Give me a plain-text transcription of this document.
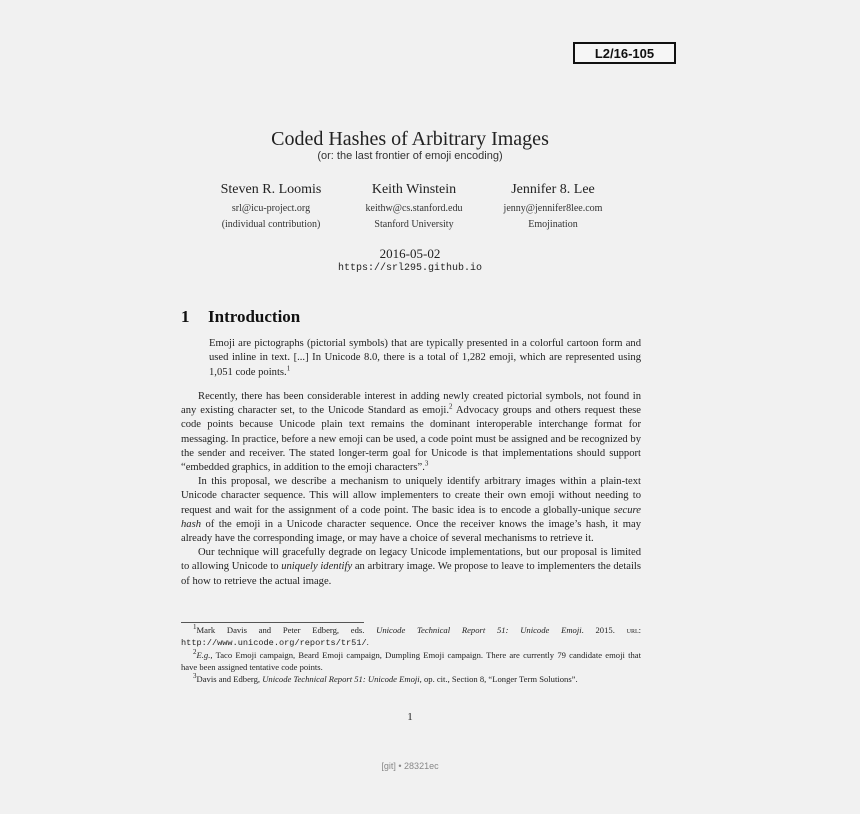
L2/16-105
Coded Hashes of Arbitrary Images
(or: the last frontier of emoji encoding)
Steven R. Loomis
srl@icu-project.org
(individual contribution)
Keith Winstein
keithw@cs.stanford.edu
Stanford University
Jennifer 8. Lee
jenny@jennifer8lee.com
Emojination
2016-05-02
https://srl295.github.io
1 Introduction
Emoji are pictographs (pictorial symbols) that are typically presented in a colorful cartoon form and used inline in text. [...] In Unicode 8.0, there is a total of 1,282 emoji, which are represented using 1,051 code points.$^1$

Recently, there has been considerable interest in adding newly created pictorial symbols, not found in any existing character set, to the Unicode Standard as emoji.$^2$ Advocacy groups and others request these code points because Unicode plain text remains the dominant interoperable interchange format for messaging. In practice, before a new emoji can be used, a code point must be assigned and be recognized by the sender and receiver. The stated longer-term goal for Unicode is that implementations should support “embedded graphics, in addition to the emoji characters”.$^3$

In this proposal, we describe a mechanism to uniquely identify arbitrary images within a plain-text Unicode character sequence. This will allow implementers to create their own emoji without needing to request and wait for the assignment of a code point. The basic idea is to encode a globally-unique secure hash of the emoji in a Unicode character sequence. Once the receiver knows the image’s hash, it may already have the corresponding image, or may have a choice of several mechanisms to retrieve it.

Our technique will gracefully degrade on legacy Unicode implementations, but our proposal is limited to allowing Unicode to uniquely identify an arbitrary image. We propose to leave to implementers the details of how to retrieve the actual image.

$^1$Mark Davis and Peter Edberg, eds. Unicode Technical Report 51: Unicode Emoji. 2015. url: http://www.unicode.org/reports/tr51/.

$^2$E.g., Taco Emoji campaign, Beard Emoji campaign, Dumpling Emoji campaign. There are currently 79 candidate emoji that have been assigned tentative code points.

$^3$Davis and Edberg, Unicode Technical Report 51: Unicode Emoji, op. cit., Section 8, “Longer Term Solutions”.

1
[git] • 28321ec
